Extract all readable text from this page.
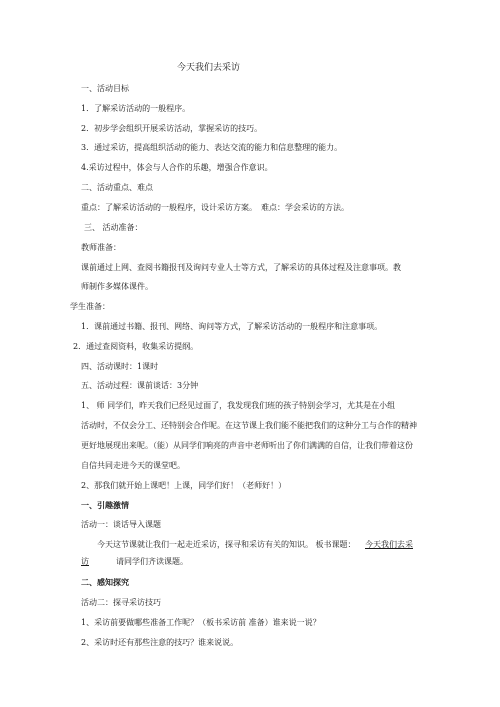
今天我们去采访
一、活动目标
1．了解采访活动的一般程序。
2．初步学会组织开展采访活动，掌握采访的技巧。
3．通过采访，提高组织活动的能力、表达交流的能力和信息整理的能力。
4.采访过程中，体会与人合作的乐趣，增强合作意识。
二、活动重点、难点
重点：了解采访活动的一般程序，设计采访方案。　难点：学会采访的方法。
三、 活动准备：
教师准备：
课前通过上网、查阅书籍报刊及询问专业人士等方式，了解采访的具体过程及注意事项。教
师制作多媒体课件。
学生准备：
1．课前通过书籍、报刊、网络、询问等方式，了解采访活动的一般程序和注意事项。
2．通过查阅资料，收集采访提纲。
四、活动课时：1课时
五、活动过程：课前谈话：3分钟
1、 师 同学们，昨天我们已经见过面了，我发现我们班的孩子特别会学习，尤其是在小组
活动时，不仅会分工、还特别会合作呢。在这节课上我们能不能把我们的这种分工与合作的精神
更好地展现出来呢。（能）从同学们响亮的声音中老师听出了你们满满的自信，让我们带着这份
自信共同走进今天的课堂吧。
2、那我们就开始上课吧！上课，同学们好！（老师好！）
一、引趣激情
活动一：谈话导入课题
今天这节课就让我们一起走近采访，探寻和采访有关的知识。 板书课题： 今天我们去采
访	请同学们齐读课题。
二、感知探究
活动二：探寻采访技巧
1、采访前要做哪些准备工作呢？（板书采访前 准备）谁来说一说？
2、采访时还有那些注意的技巧？谁来说说。
